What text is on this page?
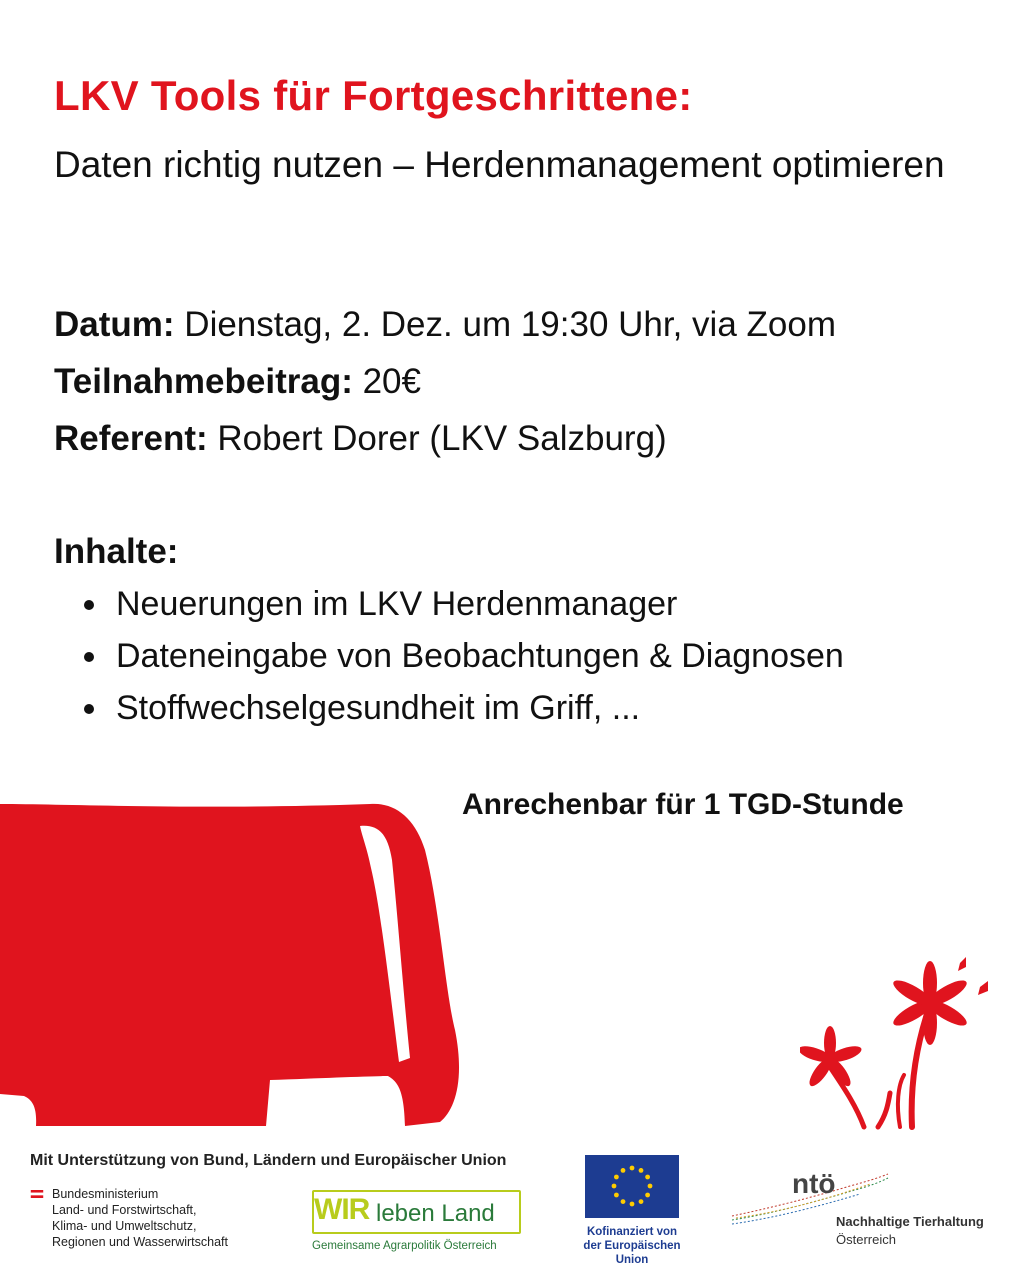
LKV Tools für Fortgeschrittene:
Daten richtig nutzen – Herdenmanagement optimieren
Datum: Dienstag, 2. Dez. um 19:30 Uhr, via Zoom
Teilnahmebeitrag: 20€
Referent: Robert Dorer (LKV Salzburg)
Inhalte:
Neuerungen im LKV Herdenmanager
Dateneingabe von Beobachtungen & Diagnosen
Stoffwechselgesundheit im Griff, ...
Anrechenbar für 1 TGD-Stunde
Mit Unterstützung von Bund, Ländern und Europäischer Union
Bundesministerium
Land- und Forstwirtschaft,
Klima- und Umweltschutz,
Regionen und Wasserwirtschaft
WIR leben Land
Gemeinsame Agrarpolitik Österreich
Kofinanziert von der Europäischen Union
ntö
Nachhaltige Tierhaltung
Österreich
